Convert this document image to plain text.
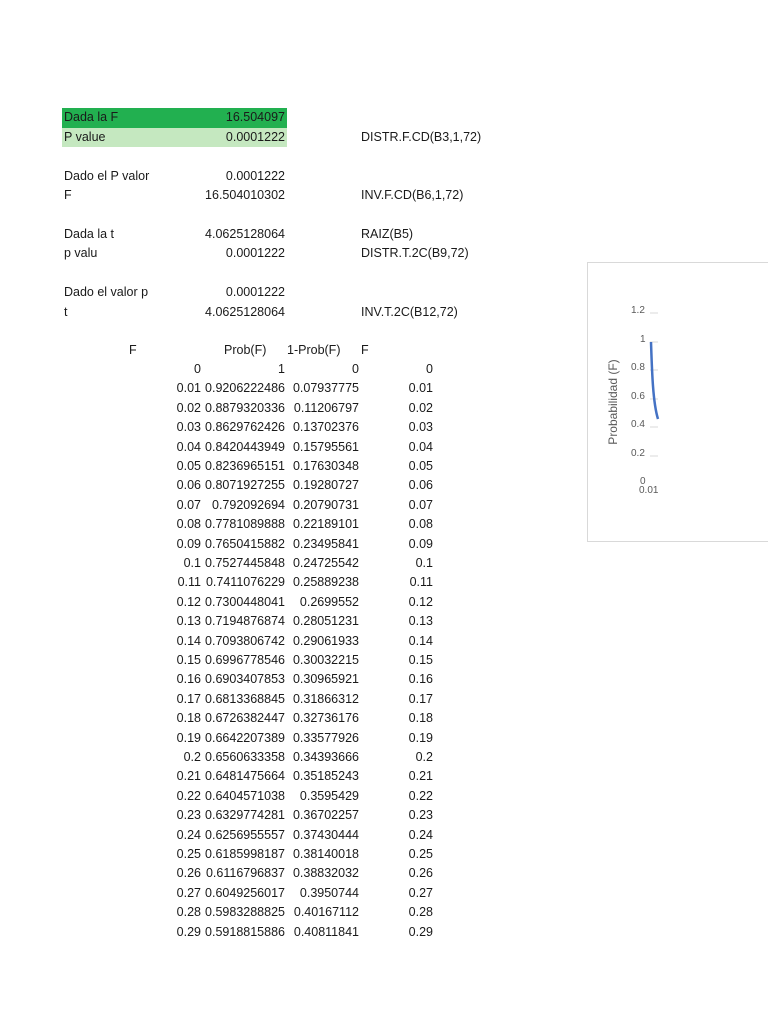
Dada la F	16.504097
P value	0.0001222	DISTR.F.CD(B3,1,72)
Dado el P valor	0.0001222
F	16.504010302	INV.F.CD(B6,1,72)
Dada la t	4.0625128064	RAIZ(B5)
p valu	0.0001222	DISTR.T.2C(B9,72)
Dado el valor p	0.0001222
t	4.0625128064	INV.T.2C(B12,72)
F	Prob(F) 1-Prob(F) F
0	1	0	0
0.01 0.9206222486 0.07937775	0.01
0.02 0.8879320336 0.11206797	0.02
0.03 0.8629762426 0.13702376	0.03
0.04 0.8420443949 0.15795561	0.04
0.05 0.8236965151 0.17630348	0.05
0.06 0.8071927255 0.19280727	0.06
0.07 0.792092694 0.20790731	0.07
0.08 0.7781089888 0.22189101	0.08
0.09 0.7650415882 0.23495841	0.09
0.1 0.7527445848 0.24725542	0.1
0.11 0.7411076229 0.25889238	0.11
0.12 0.7300448041 0.2699552	0.12
0.13 0.7194876874 0.28051231	0.13
0.14 0.7093806742 0.29061933	0.14
0.15 0.6996778546 0.30032215	0.15
0.16 0.6903407853 0.30965921	0.16
0.17 0.6813368845 0.31866312	0.17
0.18 0.6726382447 0.32736176	0.18
0.19 0.6642207389 0.33577926	0.19
0.2 0.6560633358 0.34393666	0.2
0.21 0.6481475664 0.35185243	0.21
0.22 0.6404571038 0.3595429	0.22
0.23 0.6329774281 0.36702257	0.23
0.24 0.6256955557 0.37430444	0.24
0.25 0.6185998187 0.38140018	0.25
0.26 0.6116796837 0.38832032	0.26
0.27 0.6049256017 0.3950744	0.27
0.28 0.5983288825 0.40167112	0.28
0.29 0.5918815886 0.40811841	0.29
1.2
1
0.8
0.6
0.4
0.2
0
0.01
Probabilidad (F)
